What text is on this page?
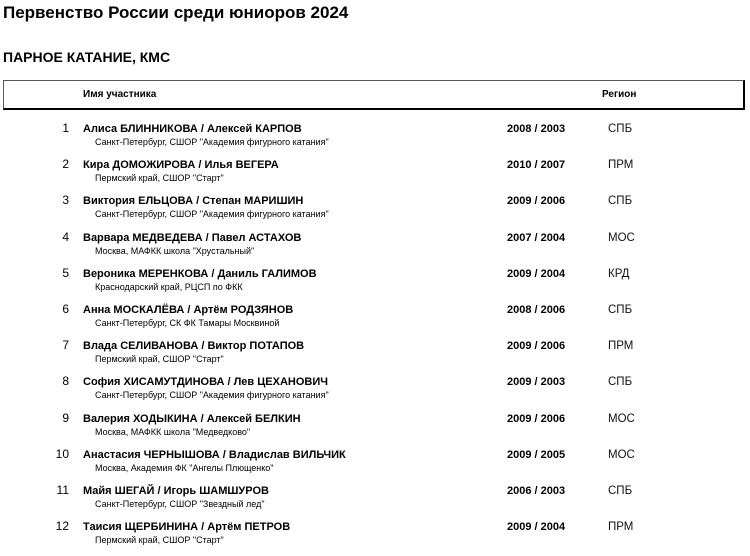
Первенство России среди юниоров 2024
ПАРНОЕ КАТАНИЕ, КМС
Имя участника	Регион
1 Алиса БЛИННИКОВА / Алексей КАРПОВ
Санкт-Петербург, СШОР "Академия фигурного катания"
2008 / 2003	СПБ
2 Кира ДОМОЖИРОВА / Илья ВЕГЕРА
Пермский край, СШОР "Старт"
2010 / 2007	ПРМ
3 Виктория ЕЛЬЦОВА / Степан МАРИШИН
Санкт-Петербург, СШОР "Академия фигурного катания"
2009 / 2006	СПБ
4 Варвара МЕДВЕДЕВА / Павел АСТАХОВ
Москва, МАФКК школа "Хрустальный"
2007 / 2004	МОС
5 Вероника МЕРЕНКОВА / Даниль ГАЛИМОВ
Краснодарский край, РЦСП по ФКК
2009 / 2004	КРД
6 Анна МОСКАЛЁВА / Артём РОДЗЯНОВ
Санкт-Петербург, СК ФК Тамары Москвиной
2008 / 2006	СПБ
7 Влада СЕЛИВАНОВА / Виктор ПОТАПОВ
Пермский край, СШОР "Старт"
2009 / 2006	ПРМ
8 София ХИСАМУТДИНОВА / Лев ЦЕХАНОВИЧ
Санкт-Петербург, СШОР "Академия фигурного катания"
2009 / 2003	СПБ
9 Валерия ХОДЫКИНА / Алексей БЕЛКИН
Москва, МАФКК школа "Медведково"
2009 / 2006	МОС
10 Анастасия ЧЕРНЫШОВА / Владислав ВИЛЬЧИК
Москва, Академия ФК "Ангелы Плющенко"
2009 / 2005	МОС
11 Майя ШЕГАЙ / Игорь ШАМШУРОВ
Санкт-Петербург, СШОР "Звездный лед"
2006 / 2003	СПБ
12 Таисия ЩЕРБИНИНА / Артём ПЕТРОВ
Пермский край, СШОР "Старт"
2009 / 2004	ПРМ
